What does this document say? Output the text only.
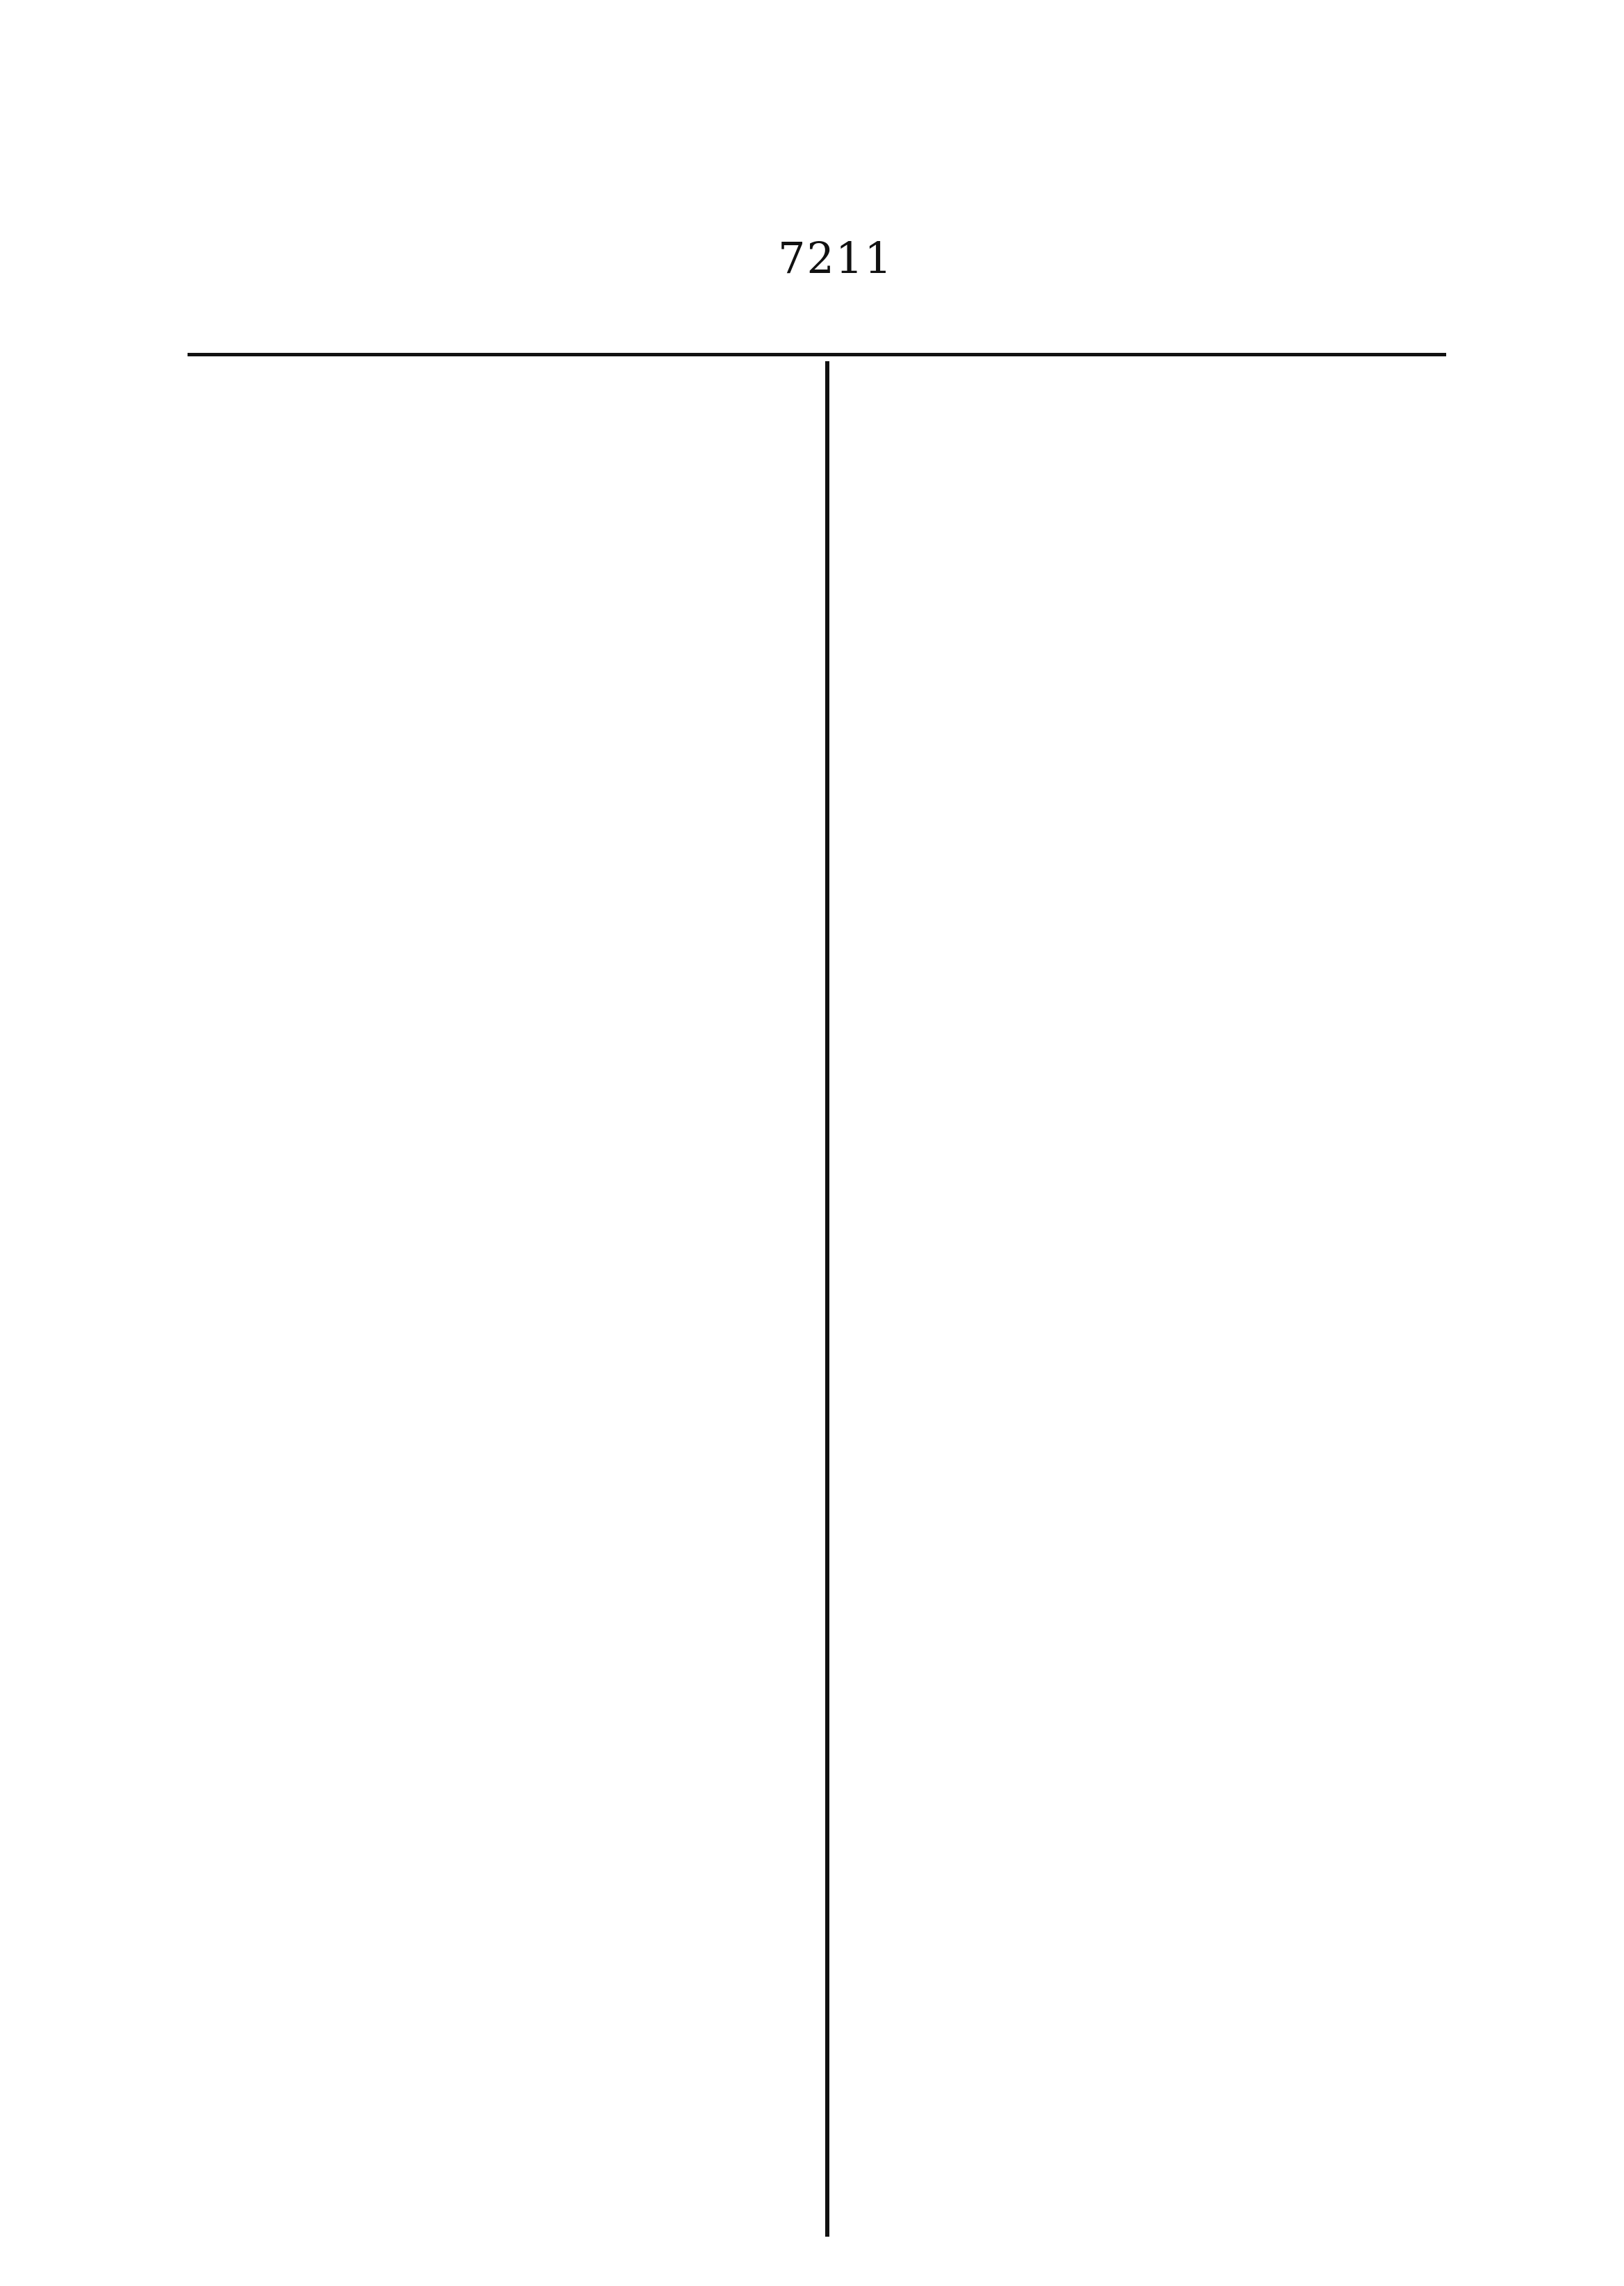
7211
